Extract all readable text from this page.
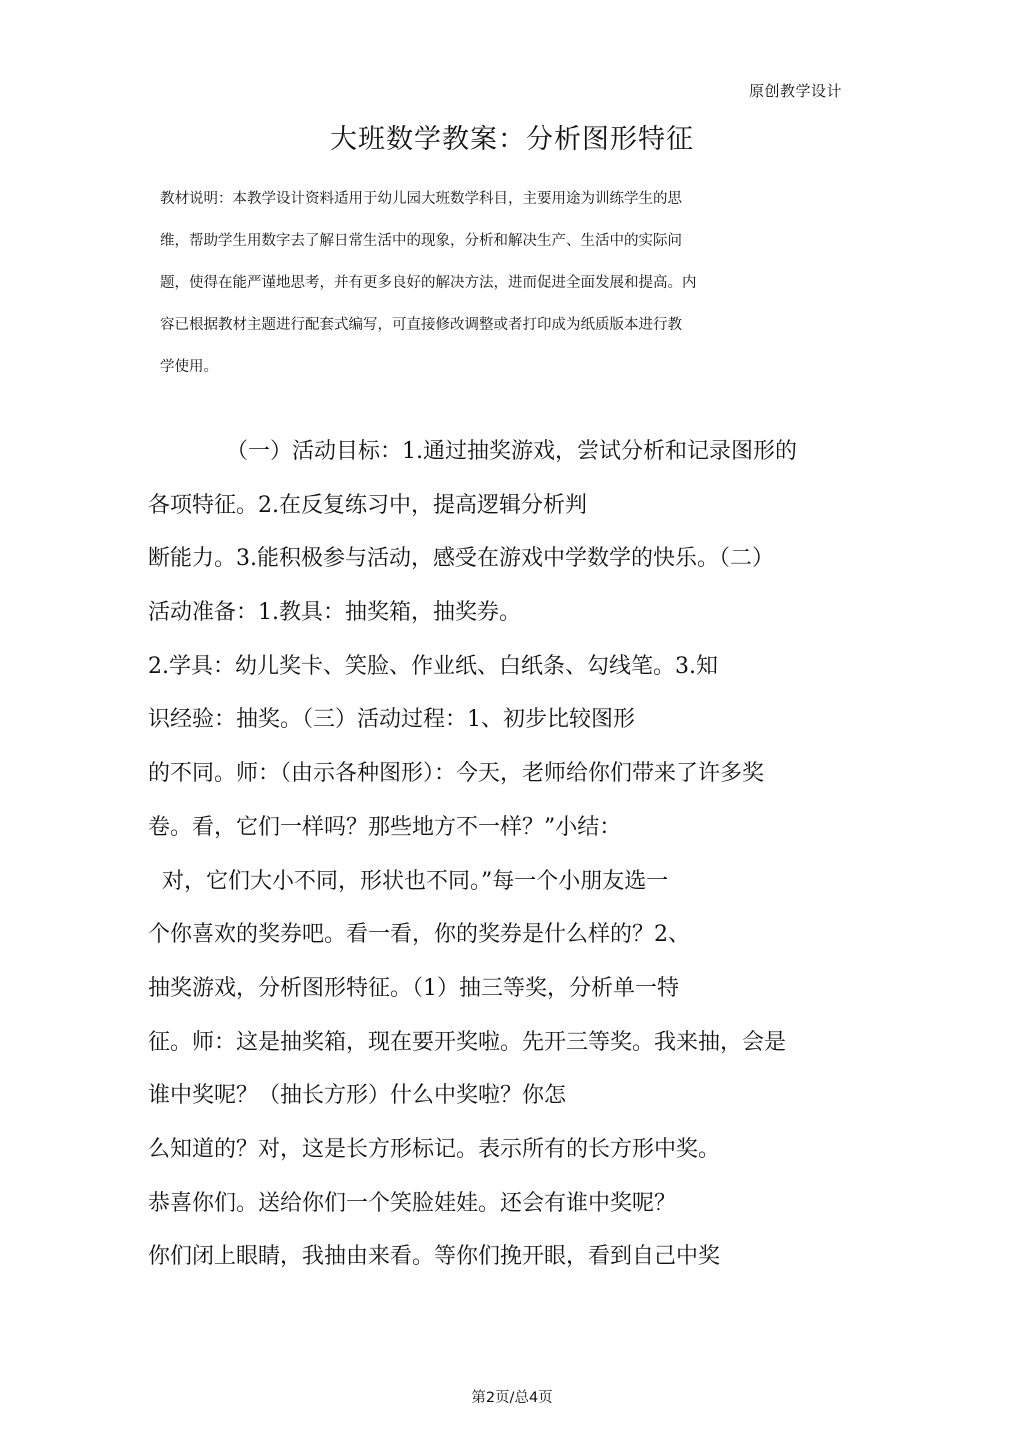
原创教学设计
大班数学教案：分析图形特征
教材说明：本教学设计资料适用于幼儿园大班数学科目，主要用途为训练学生的思
维，帮助学生用数字去了解日常生活中的现象，分析和解决生产、生活中的实际问
题，使得在能严谨地思考，并有更多良好的解决方法，进而促进全面发展和提高。内
容已根据教材主题进行配套式编写，可直接修改调整或者打印成为纸质版本进行教
学使用。
（一）活动目标：1.通过抽奖游戏，尝试分析和记录图形的
各项特征。2.在反复练习中，提高逻辑分析判
断能力。3.能积极参与活动，感受在游戏中学数学的快乐。（二）
活动准备：1.教具：抽奖箱，抽奖券。
2.学具：幼儿奖卡、笑脸、作业纸、白纸条、勾线笔。3.知
识经验：抽奖。（三）活动过程：1、初步比较图形
的不同。师：（由示各种图形）：今天，老师给你们带来了许多奖
卷。看，它们一样吗？那些地方不一样？”小结：
对，它们大小不同，形状也不同。”每一个小朋友选一
个你喜欢的奖券吧。看一看，你的奖券是什么样的？2、
抽奖游戏，分析图形特征。（1）抽三等奖，分析单一特
征。师：这是抽奖箱，现在要开奖啦。先开三等奖。我来抽，会是
谁中奖呢？（抽长方形）什么中奖啦？你怎
么知道的？对，这是长方形标记。表示所有的长方形中奖。
恭喜你们。送给你们一个笑脸娃娃。还会有谁中奖呢？
你们闭上眼睛，我抽由来看。等你们挽开眼，看到自己中奖
第2页/总4页
